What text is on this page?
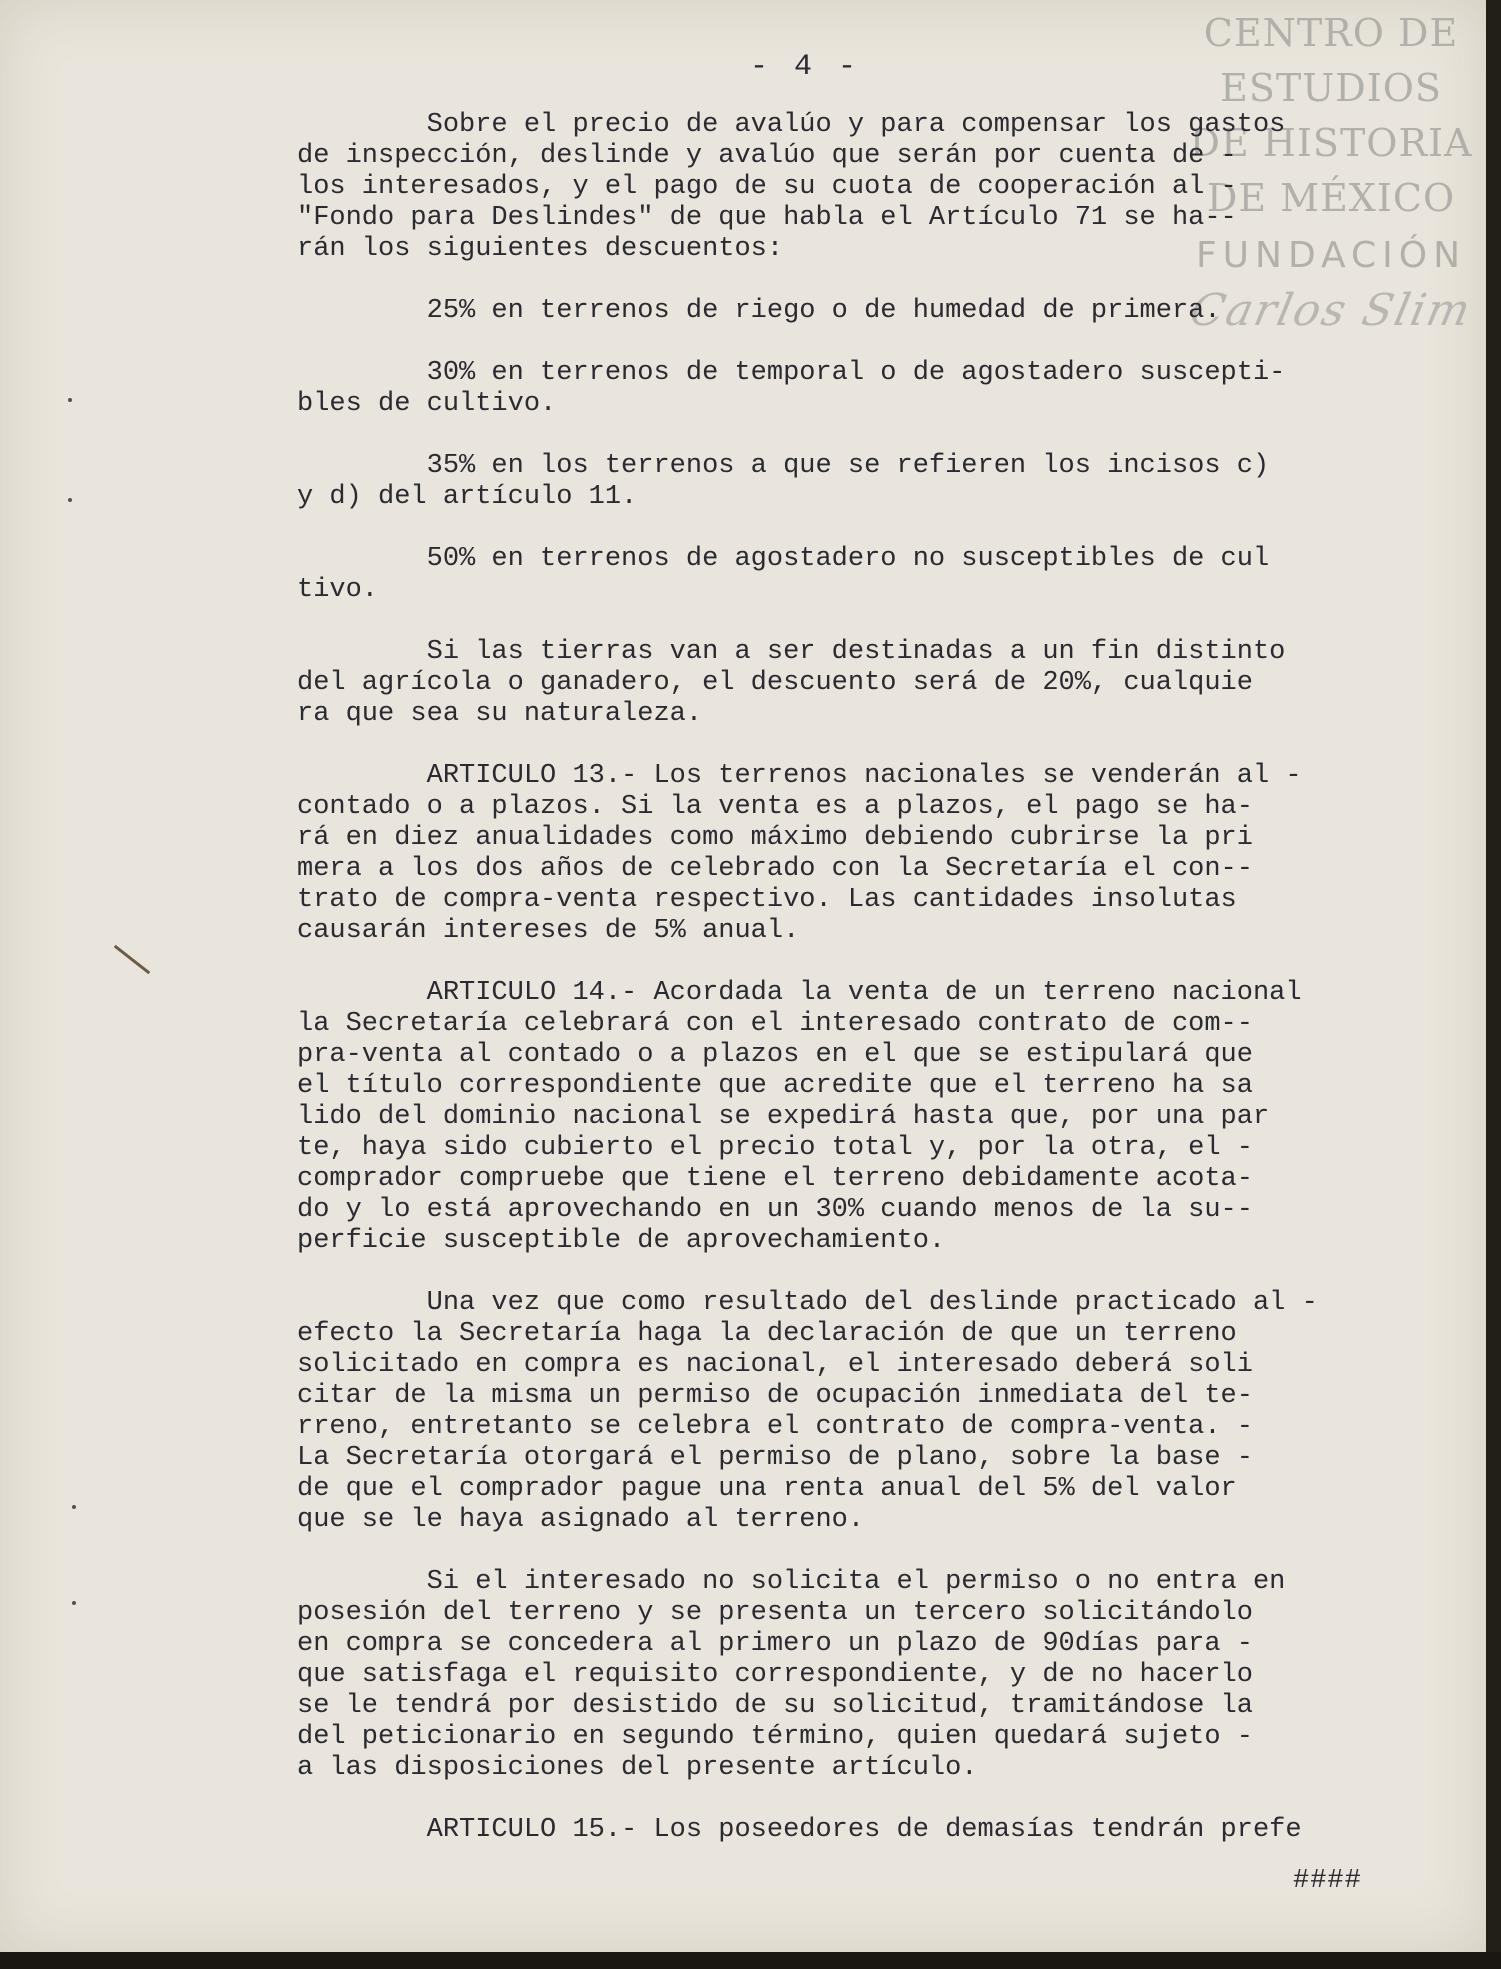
CENTRO DE
ESTUDIOS
DE HISTORIA
DE MÉXICO
FUNDACIÓN
Carlos Slim
- 4 -
Sobre el precio de avalúo y para compensar los gastos
de inspección, deslinde y avalúo que serán por cuenta de -
los interesados, y el pago de su cuota de cooperación al -
"Fondo para Deslindes" de que habla el Artículo 71 se ha--
rán los siguientes descuentos:
25% en terrenos de riego o de humedad de primera.
30% en terrenos de temporal o de agostadero suscepti-
bles de cultivo.
35% en los terrenos a que se refieren los incisos c)
y d) del artículo 11.
50% en terrenos de agostadero no susceptibles de cul
tivo.
Si las tierras van a ser destinadas a un fin distinto
del agrícola o ganadero, el descuento será de 20%, cualquie
ra que sea su naturaleza.
ARTICULO 13.- Los terrenos nacionales se venderán al -
contado o a plazos. Si la venta es a plazos, el pago se ha-
rá en diez anualidades como máximo debiendo cubrirse la pri
mera a los dos años de celebrado con la Secretaría el con--
trato de compra-venta respectivo. Las cantidades insolutas
causarán intereses de 5% anual.
ARTICULO 14.- Acordada la venta de un terreno nacional
la Secretaría celebrará con el interesado contrato de com--
pra-venta al contado o a plazos en el que se estipulará que
el título correspondiente que acredite que el terreno ha sa
lido del dominio nacional se expedirá hasta que, por una par
te, haya sido cubierto el precio total y, por la otra, el -
comprador compruebe que tiene el terreno debidamente acota-
do y lo está aprovechando en un 30% cuando menos de la su--
perficie susceptible de aprovechamiento.
Una vez que como resultado del deslinde practicado al -
efecto la Secretaría haga la declaración de que un terreno
solicitado en compra es nacional, el interesado deberá soli
citar de la misma un permiso de ocupación inmediata del te-
rreno, entretanto se celebra el contrato de compra-venta. -
La Secretaría otorgará el permiso de plano, sobre la base -
de que el comprador pague una renta anual del 5% del valor
que se le haya asignado al terreno.
Si el interesado no solicita el permiso o no entra en
posesión del terreno y se presenta un tercero solicitándolo
en compra se concedera al primero un plazo de 90días para -
que satisfaga el requisito correspondiente, y de no hacerlo
se le tendrá por desistido de su solicitud, tramitándose la
del peticionario en segundo término, quien quedará sujeto -
a las disposiciones del presente artículo.
ARTICULO 15.- Los poseedores de demasías tendrán prefe
####
